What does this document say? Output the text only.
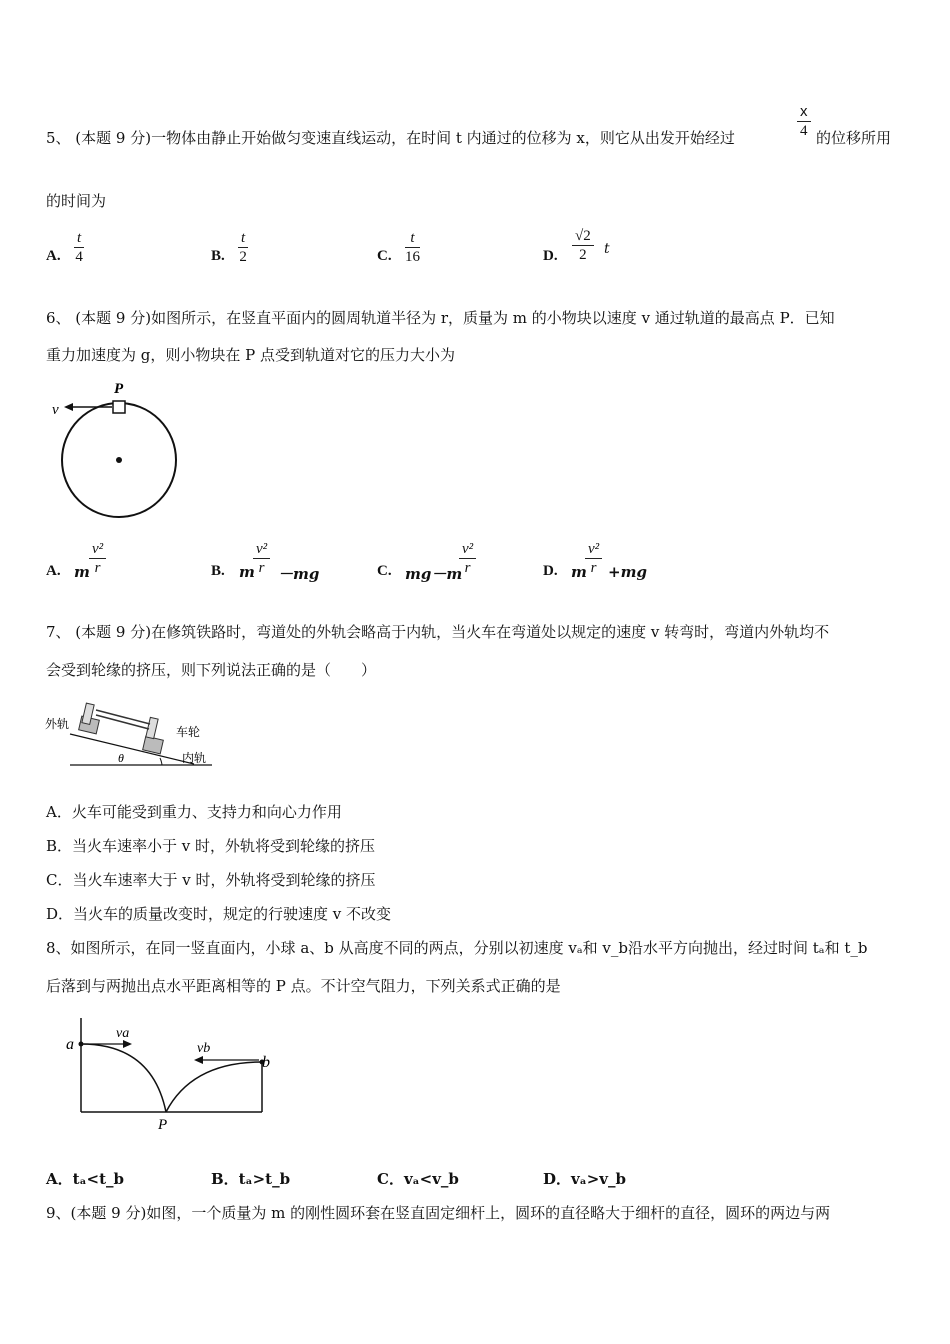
5、 (本题 9 分)一物体由静止开始做匀变速直线运动，在时间 t 内通过的位移为 x，则它从出发开始经过	$\frac{x}{4}$ 的位移所用
的时间为
A. $\frac{t}{4}$	B. $\frac{t}{2}$	C. $\frac{t}{16}$	D. $\frac{√2}{2}$ t
6、 (本题 9 分)如图所示，在竖直平面内的圆周轨道半径为 r，质量为 m 的小物块以速度 v 通过轨道的最高点 P．已知
重力加速度为 g，则小物块在 P 点受到轨道对它的压力大小为
P
v
A. m $\frac{\text{v²}}{r}$	B. m
$\frac{\text{v²}}{r} -mg$	C. mg－m
$\frac{\text{v²}}{r}$	D. m
$\frac{\text{v²}}{r} +mg$
7、 (本题 9 分)在修筑铁路时，弯道处的外轨会略高于内轨，当火车在弯道处以规定的速度 v 转弯时，弯道内外轨均不
会受到轮缘的挤压，则下列说法正确的是（　　）
外轨
车轮
内轨
θ
A．火车可能受到重力、支持力和向心力作用
B．当火车速率小于 v 时，外轨将受到轮缘的挤压
C．当火车速率大于 v 时，外轨将受到轮缘的挤压
D．当火车的质量改变时，规定的行驶速度 v 不改变
8、如图所示，在同一竖直面内，小球 a、b 从高度不同的两点，分别以初速度 vₐ和 v_b沿水平方向抛出，经过时间 tₐ和 t_b
后落到与两抛出点水平距离相等的 P 点。不计空气阻力，下列关系式正确的是
a
b
va
vb
P
A．tₐ<t_b	B．tₐ>t_b	C．vₐ<v_b	D．vₐ>v_b
9、(本题 9 分)如图，一个质量为 m 的刚性圆环套在竖直固定细杆上，圆环的直径略大于细杆的直径，圆环的两边与两
